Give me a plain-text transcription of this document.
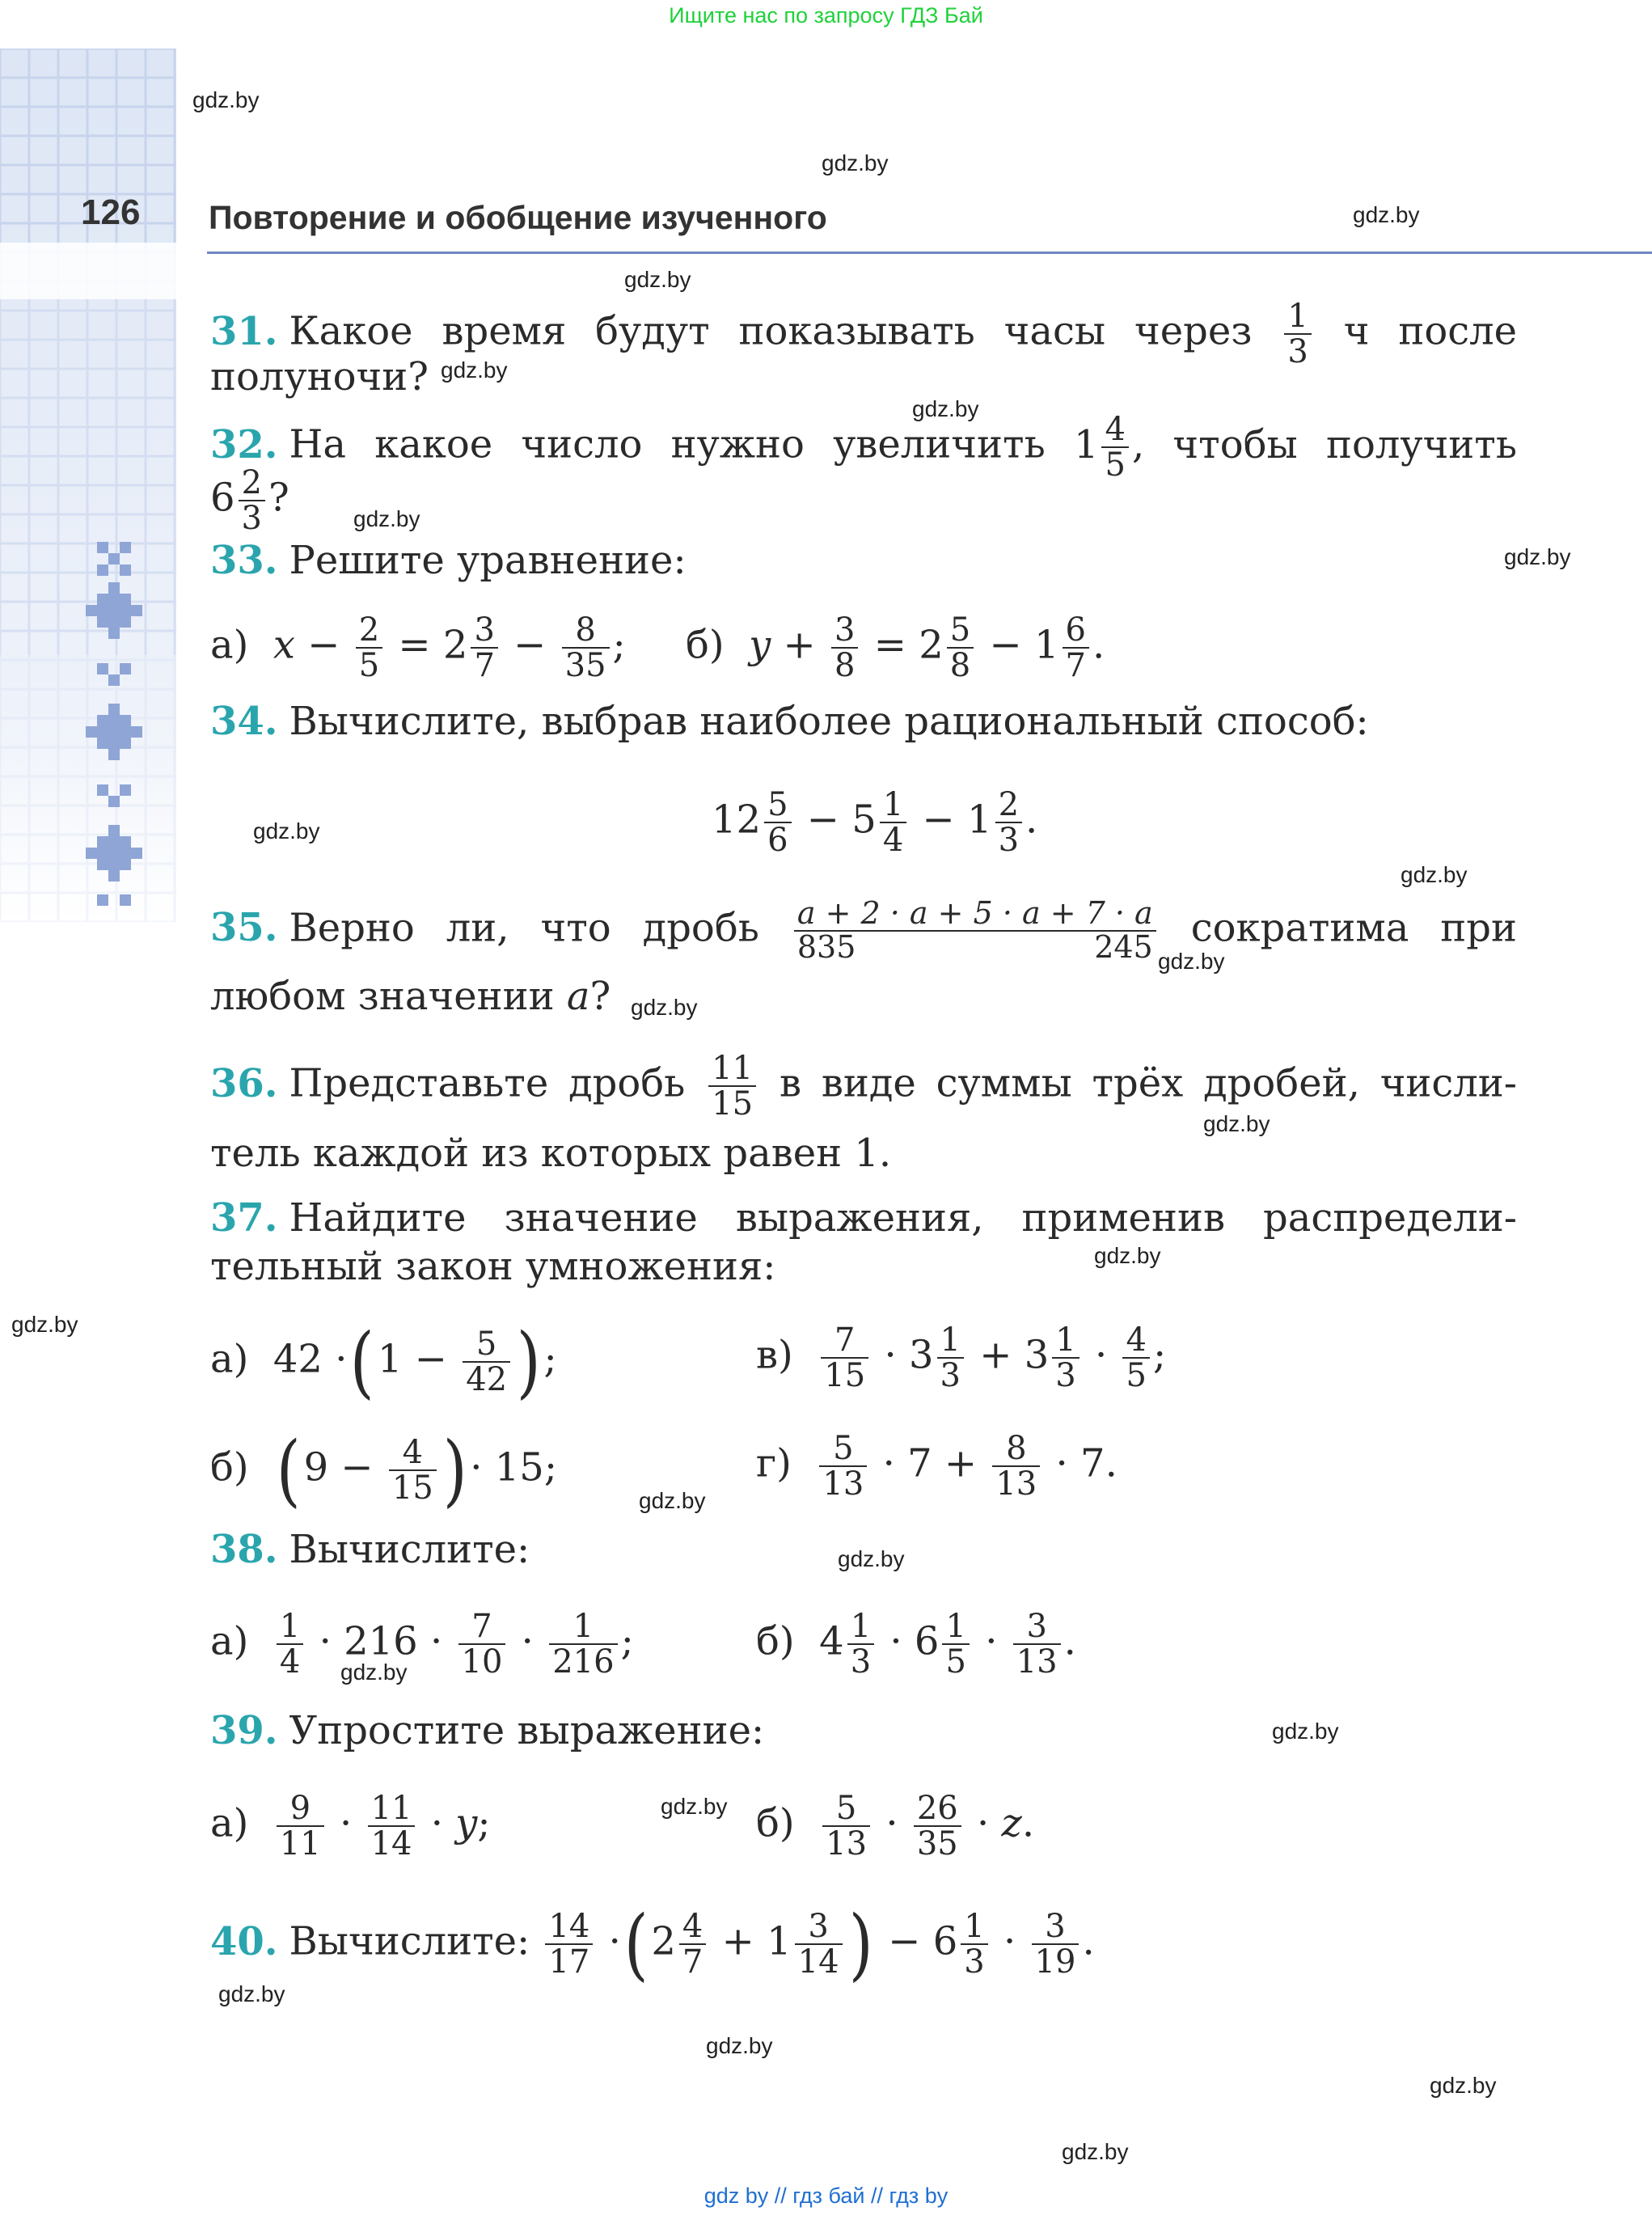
Ищите нас по запросу ГДЗ Бай
126 Повторение и обобщение изученного
gdz.by
gdz.by
gdz.by
gdz.by
gdz.by
gdz.by
gdz.by
gdz.by
gdz.by
gdz.by
gdz.by
gdz.by
gdz.by
gdz.by
gdz.by
gdz.by
gdz.by
gdz.by
gdz.by
gdz.by
gdz.by
gdz.by
gdz.by
gdz.by
31. Какое время будут показывать часы через $\frac{1}{3}$ ч после
полуночи?
32. На какое число нужно увеличить $1 \frac{4}{5}$ , чтобы получить
$6 \frac{2}{3}$ ?
33. Решите уравнение:
а) $x - \frac{2}{5} = 2 \frac{3}{7} - \frac{8}{35}$ ;	б) $y + \frac{3}{8} = 2 \frac{5}{8} - 1 \frac{6}{7}$ .
34. Вычислите, выбрав наиболее рациональный способ:
$12 \frac{5}{6} - 5 \frac{1}{4} - 1 \frac{2}{3}$ .
35. Верно ли, что дробь $\frac{a + 2 \cdot a + 5 \cdot a + 7 \cdot a}{835 245}$ сократима при
любом значении a?
36. Представьте дробь $\frac{11}{15}$ в виде суммы трёх дробей, числи-
тель каждой из которых равен 1.
37. Найдите значение выражения, применив распредели-
тельный закон умножения:
а) $42 \cdot(1 - \frac{5}{42}$ );	$в) \frac{7}{15} \cdot 3 \frac{1}{3} + 3 \frac{1}{3} \cdot \frac{4}{5}$ ;
б) ($9 - \frac{4}{15}$ )· 15;	$г) \frac{5}{13} \cdot 7 + \frac{8}{13} \cdot 7$.
38. Вычислите:
$а) \frac{1}{4} \cdot 216 \cdot \frac{7}{10} \cdot \frac{1}{216}$ ;	б) $4 \frac{1}{3} \cdot 6 \frac{1}{5} \cdot \frac{3}{13}$ .
39. Упростите выражение:
$а) \frac{9}{11} \cdot \frac{11}{14} \cdot y$;	$б) \frac{5}{13} \cdot \frac{26}{35} \cdot z$.
40. Вычислите: $\frac{14}{17} \cdot(2 \frac{4}{7} + 1 \frac{3}{14}$ ) − $6 \frac{1}{3} \cdot \frac{3}{19}$ .
gdz by // гдз бай // гдз by
